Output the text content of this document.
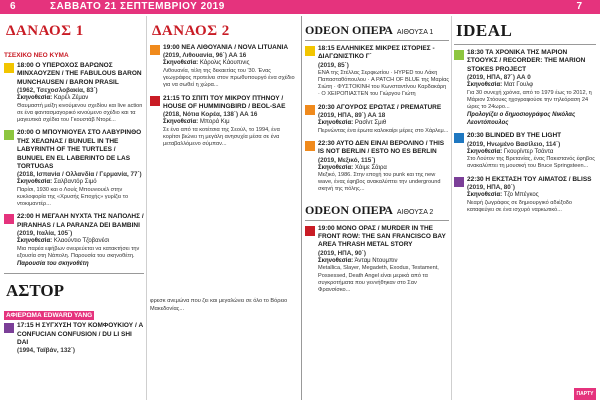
6	ΣΑΒΒΑΤΟ 21 ΣΕΠΤΕΜΒΡΙΟΥ 2019	7
ΔΑΝΑΟΣ 1
ΤΣΕΧΙΚΟ ΝΕΟ ΚΥΜΑ
18:00 Ο ΥΠΕΡΟΧΟΣ ΒΑΡΩΝΟΣ ΜΙΝΧΑΟΥΖΕΝ / THE FABULOUS BARON MUNCHAUSEN / BARON PRASIL
(1962, Τσεχοσλοβακία, 83΄)
Σκηνοθεσία: Καρέλ Ζέμαν
Θαυμαστή μείξη κινούμενου σχεδίου και live action σε ένα φαντασμαγορικό κινούμενο σχέδιο και τα μαγευτικά σχέδια του Γκουστάβ Ντορέ...
20:00 Ο ΜΠΟΥΝΙΟΥΕΛ ΣΤΟ ΛΑΒΥΡΙΝΘΟ ΤΗΣ ΧΕΛΩΝΑΣ / BUNUEL IN THE LABYRINTH OF THE TURTLES / BUNUEL EN EL LABERINTO DE LAS TORTUGAS
(2018, Ισπανία / Ολλανδία / Γερμανία, 77΄)
Σκηνοθεσία: Σαλβαντόρ Σιμό
Παρίσι, 1930 και ο Λουίς Μπουνιουέλ στην κυκλοφορία της «Χρυσής Εποχής» γυρίζει το ντοκιμαντέρ...
22:00 Η ΜΕΓΑΛΗ ΝΥΧΤΑ ΤΗΣ ΝΑΠΟΛΗΣ / PIRANHAS / LA PARANZA DEI BAMBINI
(2019, Ιταλία, 105΄)
Σκηνοθεσία: Κλαούντιο Τζοβανέσι
Μια παρέα εφήβων ονειρεύεται να κατακτήσει την εξουσία στη Νάπολη. Παρουσία του σκηνοθέτη.
Παρουσία του σκηνοθέτη
ΑΣΤΟΡ
ΑΦΙΕΡΩΜΑ EDWARD YANG
17:15 Η ΣΥΓΧΥΣΗ ΤΟΥ ΚΟΜΦΟΥΚΙΟΥ / A CONFUCIAN CONFUSION / DU LI SHI DAI
(1994, Ταϊβάν, 132΄)
ΔΑΝΑΟΣ 2
19:00 ΝΕΑ ΛΙΘΟΥΑΝΙΑ / NOVA LITUANIA
(2019, Λιθουανία, 96΄) ΑΑ 16
Σκηνοθεσία: Κάρολις Κάουπινις
Λιθουανία, τέλη της δεκαετίας του '30. Ένας γεωγράφος προτείνει στον πρωθυπουργό ένα σχέδιο για να σωθεί η χώρα...
21:15 ΤΟ ΣΠΙΤΙ ΤΟΥ ΜΙΚΡΟΥ ΠΤΗΝΟΥ / HOUSE OF HUMMINGBIRD / BEOL-SAE
(2018, Νότια Κορέα, 138΄) ΑΑ 16
Σκηνοθεσία: Μπορά Κιμ
Σε ένα από τα κοτέτσια της Σεούλ, το 1994, ένα κορίτσι βιώνει τη μεγάλη ανησυχία μέσα σε ένα μεταβαλλόμενο σύμπαν...
φρεσκ ανεμώνα που ζει και μεγαλώνει σε όλο το Βόρειο Μακεδονίας...
ODEON ΟΠΕΡΑ ΑΙΘΟΥΣΑ 1
18:15 ΕΛΛΗΝΙΚΕΣ ΜΙΚΡΕΣ ΙΣΤΟΡΙΕΣ - ΔΙΑΓΩΝΙΣΤΙΚΟ Γ΄
(2019, 85΄)
ΕΝΑ της Στέλλας Σερφιωτίου · HYPED του Λάκη Παπασταθόπουλου · A PATCH OF BLUE της Μαρίας Σιώτη · ΦΥΣΤΟΚΙΝΗ του Κωνσταντίνου Καρδακάρη · Ο ΧΕΙΡΟΠΙΑΣΤΕΝ του Γιώργου Γιώτη
20:30 ΑΓΟΥΡΟΣ ΕΡΩΤΑΣ / PREMATURE
(2019, ΗΠΑ, 89΄) ΑΑ 18
Σκηνοθεσία: Ρασίντ Σμιθ
Περνώντας ένα έρωτα καλοκαίρι μέρες στο Χάρλεμ...
22:30 ΑΥΤΟ ΔΕΝ ΕΙΝΑΙ ΒΕΡΟΛΙΝΟ / THIS IS NOT BERLIN / ESTO NO ES BERLIN
(2019, Μεξικό, 115΄)
Σκηνοθεσία: Χάιμε Σάιρα
Μεξικό, 1986. Στην εποχή του punk και της new wave, ένας έφηβος ανακαλύπτει την underground σκηνή της πόλης...
ODEON ΟΠΕΡΑ ΑΙΘΟΥΣΑ 2
19:00 MONO ΟΡΑΣ / MURDER IN THE FRONT ROW: THE SAN FRANCISCO BAY AREA THRASH METAL STORY
(2019, ΗΠΑ, 90΄)
Σκηνοθεσία: Άνταμ Ντουμπιν
Metallica, Slayer, Megadeth, Exodus, Testament, Possessed, Death Angel είναι μερικά από τα συγκροτήματα που γεννήθηκαν στο Σαν Φρανσίσκο...
IDEAL
18:30 ΤΑ ΧΡΟΝΙΚΑ ΤΗΣ ΜΑΡΙΟΝ ΣΤΟΟΥΚΣ / RECORDER: THE MARION STOKES PROJECT
(2019, ΗΠΑ, 87΄) ΑΑ 0
Σκηνοθεσία: Ματ Γουλφ
Για 30 συνεχή χρόνια, από το 1979 έως το 2012, η Μάριον Στόουκς ηχογραφούσε την τηλεόραση 24 ώρες το 24ωρο...
Προλογίζει ο δημοσιογράφος Νικόλας Λεοντόπουλος
20:30 BLINDED BY THE LIGHT
(2019, Ηνωμένο Βασίλειο, 114΄)
Σκηνοθεσία: Γκουρίντερ Τσάντα
Στο Λούτον της Βρετανίας, ένας Πακιστανός έφηβος ανακαλύπτει τη μουσική του Bruce Springsteen...
22:30 Η ΕΚΣΤΑΣΗ ΤΟΥ ΑΙΜΑΤΟΣ / BLISS
(2019, ΗΠΑ, 80΄)
Σκηνοθεσία: Τζο Μπέγκος
Νεαρή ζωγράφος σε δημιουργικό αδιέξοδο καταφεύγει σε ένα ισχυρό ναρκωτικό...
ΠΑΡΤΥ
